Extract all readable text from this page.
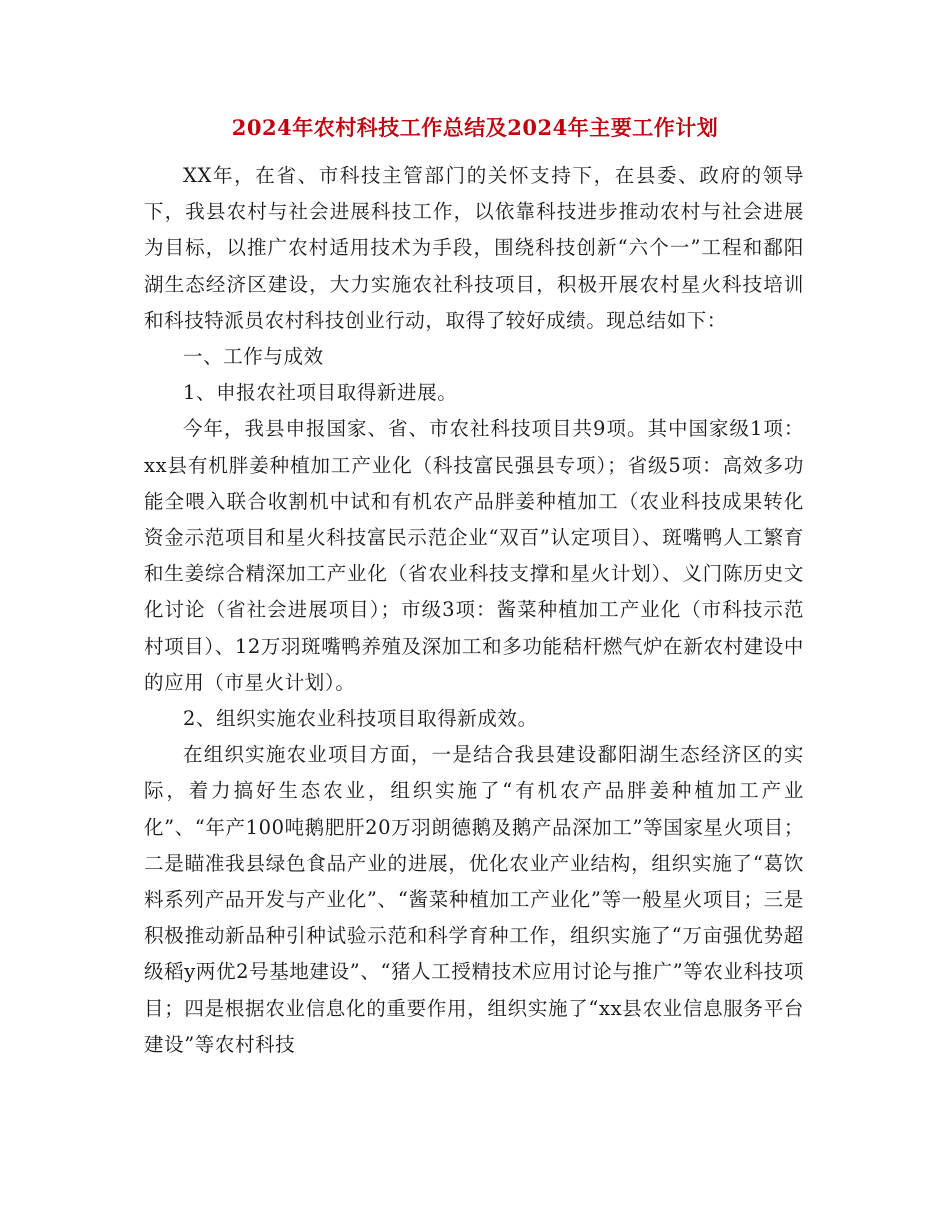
2024年农村科技工作总结及2024年主要工作计划

XX年，在省、市科技主管部门的关怀支持下，在县委、政府的领导下，我县农村与社会进展科技工作，以依靠科技进步推动农村与社会进展为目标，以推广农村适用技术为手段，围绕科技创新“六个一”工程和鄱阳湖生态经济区建设，大力实施农社科技项目，积极开展农村星火科技培训和科技特派员农村科技创业行动，取得了较好成绩。现总结如下：

一、工作与成效

1、申报农社项目取得新进展。

今年，我县申报国家、省、市农社科技项目共9项。其中国家级1项：xx县有机胖姜种植加工产业化（科技富民强县专项）；省级5项：高效多功能全喂入联合收割机中试和有机农产品胖姜种植加工（农业科技成果转化资金示范项目和星火科技富民示范企业“双百”认定项目）、斑嘴鸭人工繁育和生姜综合精深加工产业化（省农业科技支撑和星火计划）、义门陈历史文化讨论（省社会进展项目）；市级3项：酱菜种植加工产业化（市科技示范村项目）、12万羽斑嘴鸭养殖及深加工和多功能秸杆燃气炉在新农村建设中的应用（市星火计划）。

2、组织实施农业科技项目取得新成效。

在组织实施农业项目方面，一是结合我县建设鄱阳湖生态经济区的实际，着力搞好生态农业，组织实施了“有机农产品胖姜种植加工产业化”、“年产100吨鹅肥肝20万羽朗德鹅及鹅产品深加工”等国家星火项目；二是瞄准我县绿色食品产业的进展，优化农业产业结构，组织实施了“葛饮料系列产品开发与产业化”、“酱菜种植加工产业化”等一般星火项目；三是积极推动新品种引种试验示范和科学育种工作，组织实施了“万亩强优势超级稻y两优2号基地建设”、“猪人工授精技术应用讨论与推广”等农业科技项目；四是根据农业信息化的重要作用，组织实施了“xx县农业信息服务平台建设”等农村科技
